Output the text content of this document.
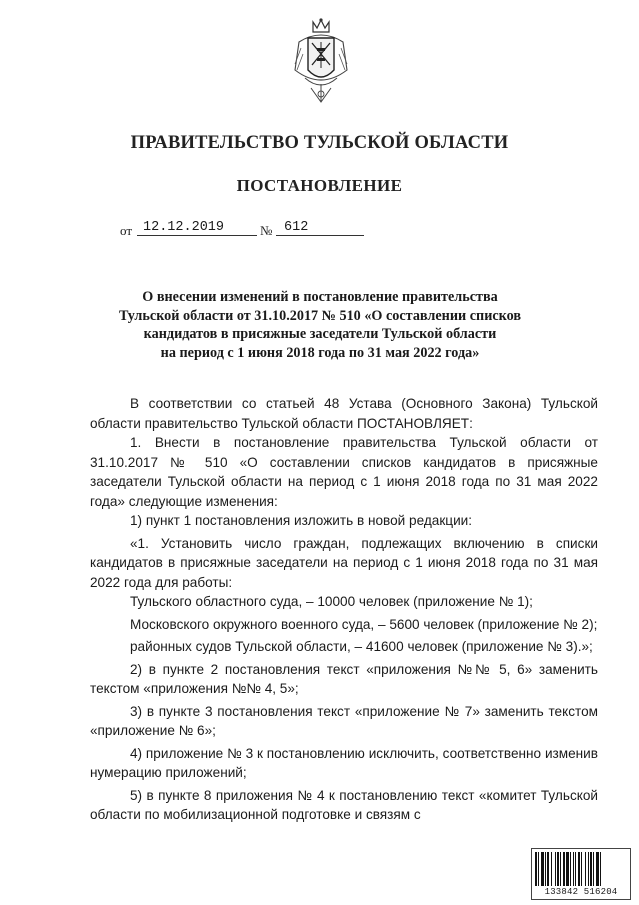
ПРАВИТЕЛЬСТВО ТУЛЬСКОЙ ОБЛАСТИ
ПОСТАНОВЛЕНИЕ
от 12.12.2019	№ 612
О внесении изменений в постановление правительства
Тульской области от 31.10.2017 № 510 «О составлении списков
кандидатов в присяжные заседатели Тульской области
на период с 1 июня 2018 года по 31 мая 2022 года»

В соответствии со статьей 48 Устава (Основного Закона) Тульской области правительство Тульской области ПОСТАНОВЛЯЕТ:

1. Внести в постановление правительства Тульской области от 31.10.2017 № 510 «О составлении списков кандидатов в присяжные заседатели Тульской области на период с 1 июня 2018 года по 31 мая 2022 года» следующие изменения:

1) пункт 1 постановления изложить в новой редакции:

«1. Установить число граждан, подлежащих включению в списки кандидатов в присяжные заседатели на период с 1 июня 2018 года по 31 мая 2022 года для работы:

Тульского областного суда, – 10000 человек (приложение № 1);

Московского окружного военного суда, – 5600 человек (приложение № 2);

районных судов Тульской области, – 41600 человек (приложение № 3).»;

2) в пункте 2 постановления текст «приложения №№ 5, 6» заменить текстом «приложения №№ 4, 5»;

3) в пункте 3 постановления текст «приложение № 7» заменить текстом «приложение № 6»;

4) приложение № 3 к постановлению исключить, соответственно изменив нумерацию приложений;

5) в пункте 8 приложения № 4 к постановлению текст «комитет Тульской области по мобилизационной подготовке и связям с

133842 516204
